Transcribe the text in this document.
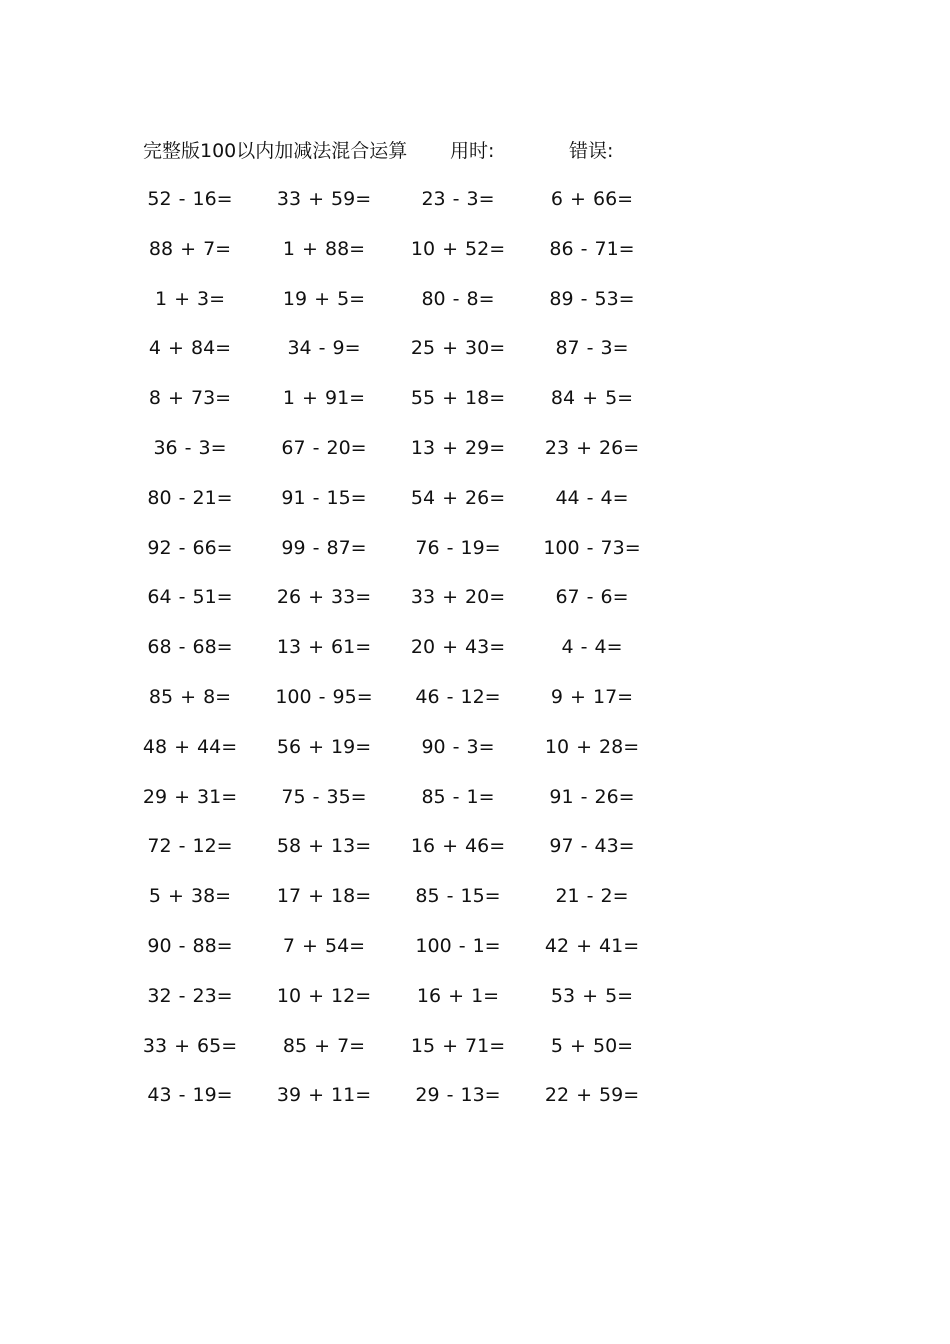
完整版100以内加减法混合运算 用时:	错误:
52 - 16=	33 + 59=	23 - 3=	6 + 66=
88 + 7=	1 + 88=	10 + 52=	86 - 71=
1 + 3=	19 + 5=	80 - 8=	89 - 53=
4 + 84=	34 - 9=	25 + 30=	87 - 3=
8 + 73=	1 + 91=	55 + 18=	84 + 5=
36 - 3=	67 - 20=	13 + 29=	23 + 26=
80 - 21=	91 - 15=	54 + 26=	44 - 4=
92 - 66=	99 - 87=	76 - 19=	100 - 73=
64 - 51=	26 + 33=	33 + 20=	67 - 6=
68 - 68=	13 + 61=	20 + 43=	4 - 4=
85 + 8=	100 - 95=	46 - 12=	9 + 17=
48 + 44=	56 + 19=	90 - 3=	10 + 28=
29 + 31=	75 - 35=	85 - 1=	91 - 26=
72 - 12=	58 + 13=	16 + 46=	97 - 43=
5 + 38=	17 + 18=	85 - 15=	21 - 2=
90 - 88=	7 + 54=	100 - 1=	42 + 41=
32 - 23=	10 + 12=	16 + 1=	53 + 5=
33 + 65=	85 + 7=	15 + 71=	5 + 50=
43 - 19=	39 + 11=	29 - 13=	22 + 59=
